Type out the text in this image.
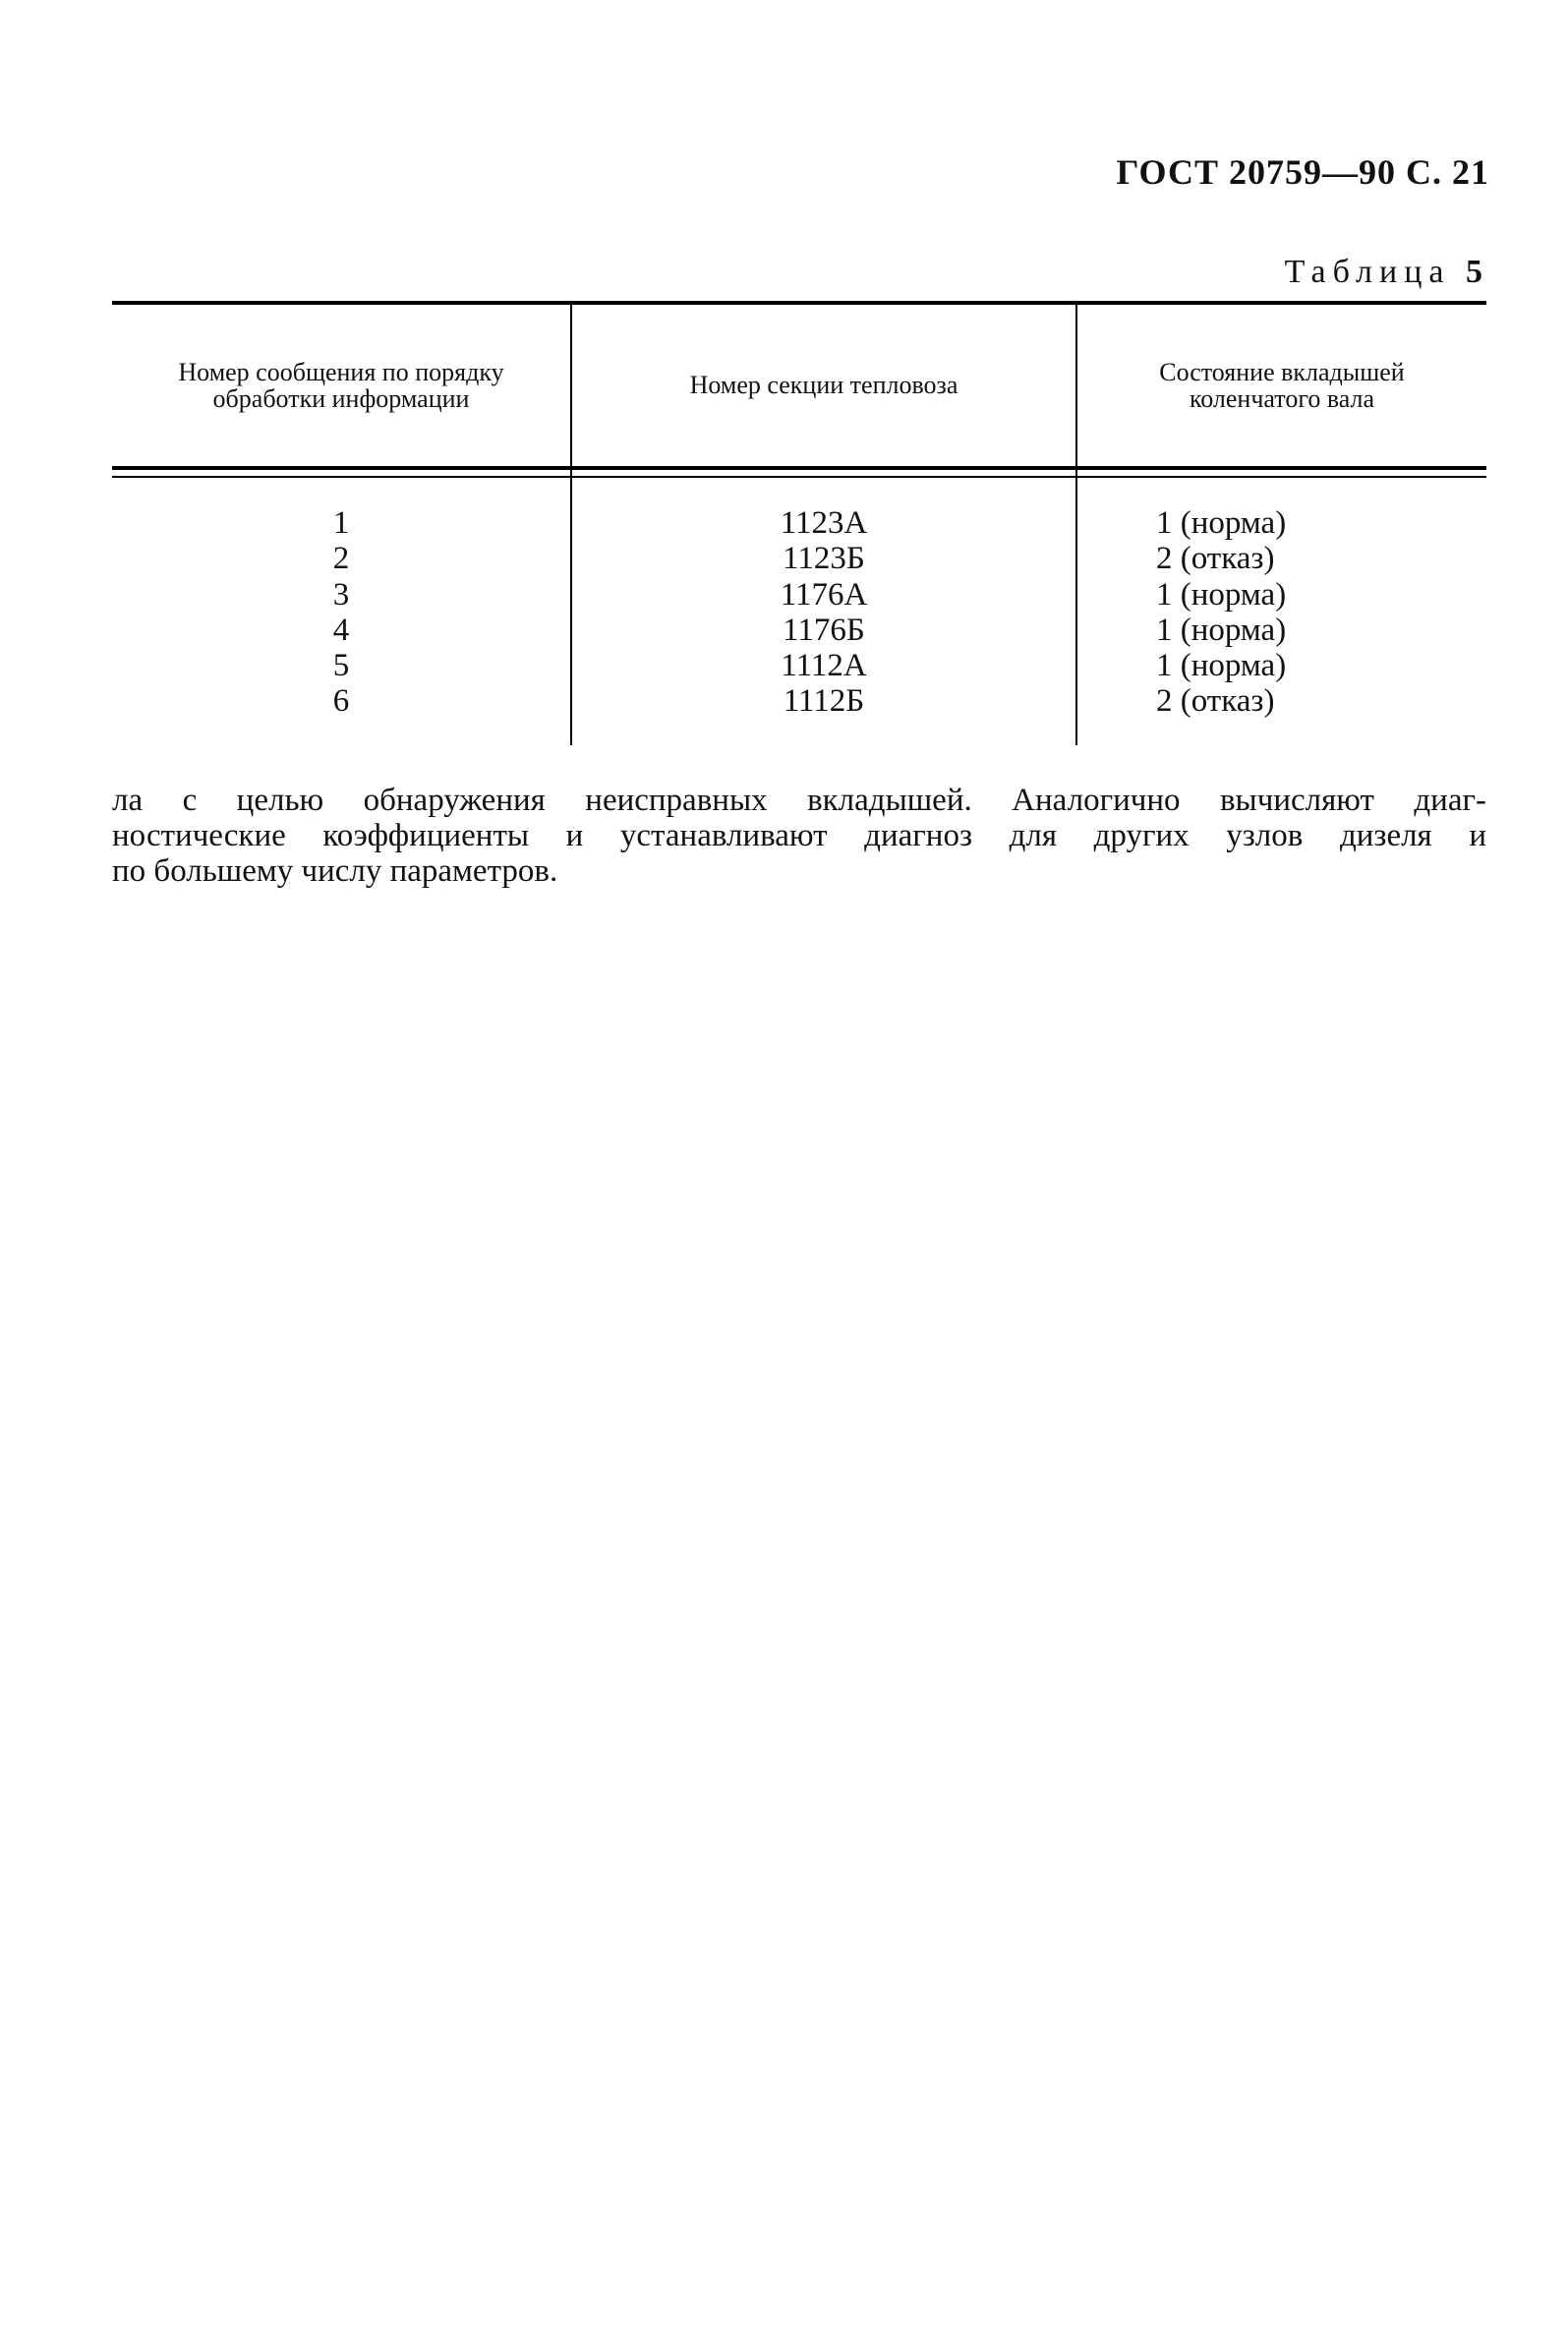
ГОСТ 20759—90 С. 21
Таблица 5
Номер сообщения по порядку обработки информации	Номер секции тепловоза	Состояние вкладышей коленчатого вала

1	1123А	1 (норма)
2	1123Б	2 (отказ)
3	1176А	1 (норма)
4	1176Б	1 (норма)
5	1112А	1 (норма)
6	1112Б	2 (отказ)
ла с целью обнаружения неисправных вкладышей. Аналогично вычисляют диаг-
ностические коэффициенты и устанавливают диагноз для других узлов дизеля и
по большему числу параметров.
